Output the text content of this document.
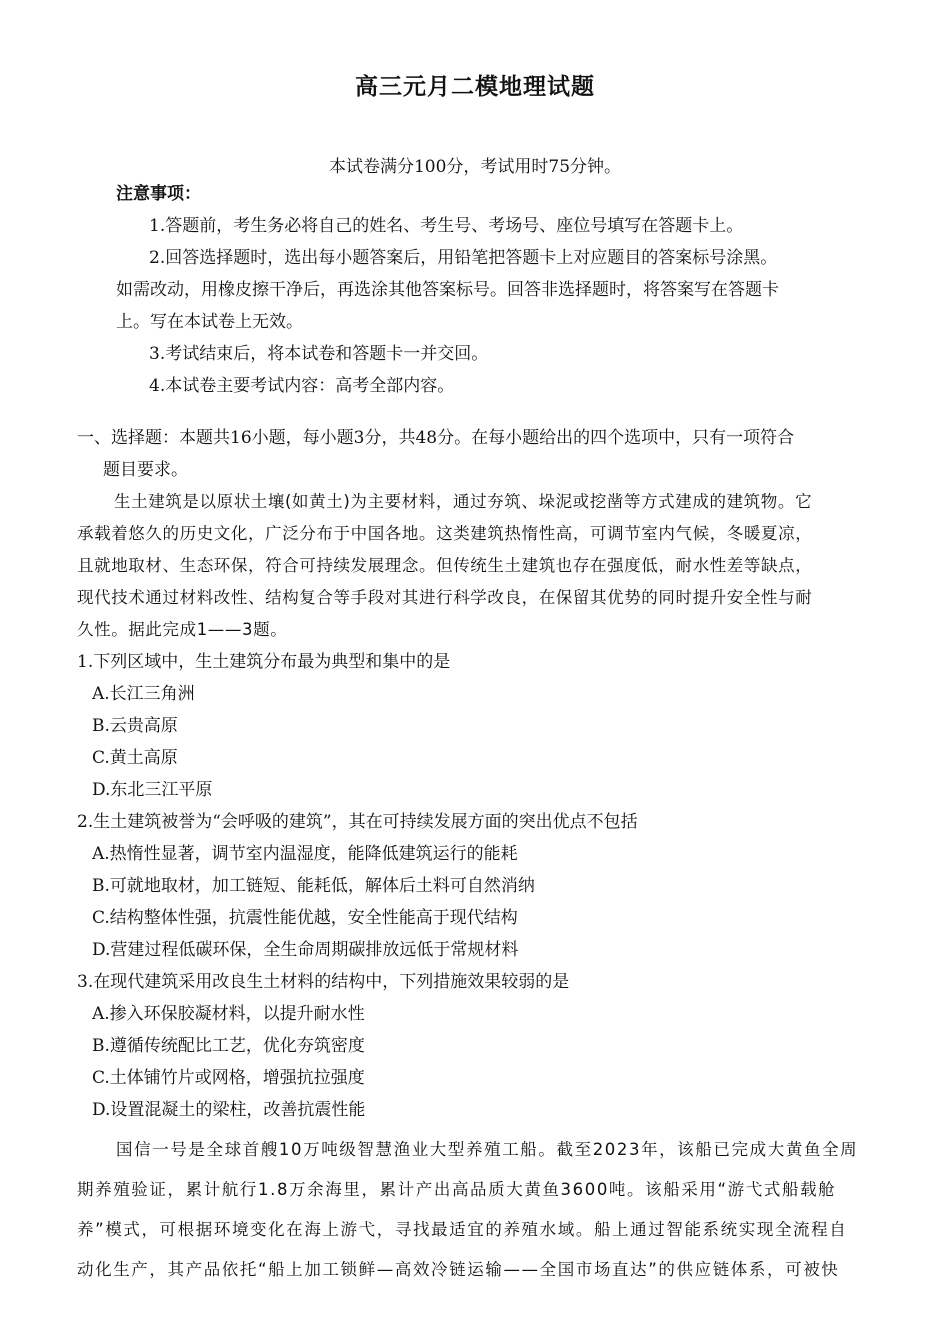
高三元月二模地理试题
本试卷满分100分，考试用时75分钟。
注意事项：
1.答题前，考生务必将自己的姓名、考生号、考场号、座位号填写在答题卡上。
2.回答选择题时，选出每小题答案后，用铅笔把答题卡上对应题目的答案标号涂黑。
如需改动，用橡皮擦干净后，再选涂其他答案标号。回答非选择题时，将答案写在答题卡
上。写在本试卷上无效。
3.考试结束后，将本试卷和答题卡一并交回。
4.本试卷主要考试内容：高考全部内容。
一、选择题：本题共16小题，每小题3分，共48分。在每小题给出的四个选项中，只有一项符合
题目要求。
生土建筑是以原状土壤(如黄土)为主要材料，通过夯筑、垛泥或挖凿等方式建成的建筑物。它
承载着悠久的历史文化，广泛分布于中国各地。这类建筑热惰性高，可调节室内气候，冬暖夏凉，
且就地取材、生态环保，符合可持续发展理念。但传统生土建筑也存在强度低，耐水性差等缺点，
现代技术通过材料改性、结构复合等手段对其进行科学改良，在保留其优势的同时提升安全性与耐
久性。据此完成1——3题。
1.下列区域中，生土建筑分布最为典型和集中的是
A.长江三角洲
B.云贵高原
C.黄土高原
D.东北三江平原
2.生土建筑被誉为“会呼吸的建筑”，其在可持续发展方面的突出优点不包括
A.热惰性显著，调节室内温湿度，能降低建筑运行的能耗
B.可就地取材，加工链短、能耗低，解体后土料可自然消纳
C.结构整体性强，抗震性能优越，安全性能高于现代结构
D.营建过程低碳环保，全生命周期碳排放远低于常规材料
3.在现代建筑采用改良生土材料的结构中，下列措施效果较弱的是
A.掺入环保胶凝材料，以提升耐水性
B.遵循传统配比工艺，优化夯筑密度
C.土体铺竹片或网格，增强抗拉强度
D.设置混凝土的梁柱，改善抗震性能
国信一号是全球首艘10万吨级智慧渔业大型养殖工船。截至2023年，该船已完成大黄鱼全周
期养殖验证，累计航行1.8万余海里，累计产出高品质大黄鱼3600吨。该船采用“游弋式船载舱
养”模式，可根据环境变化在海上游弋，寻找最适宜的养殖水域。船上通过智能系统实现全流程自
动化生产，其产品依托“船上加工锁鲜—高效冷链运输——全国市场直达”的供应链体系，可被快
